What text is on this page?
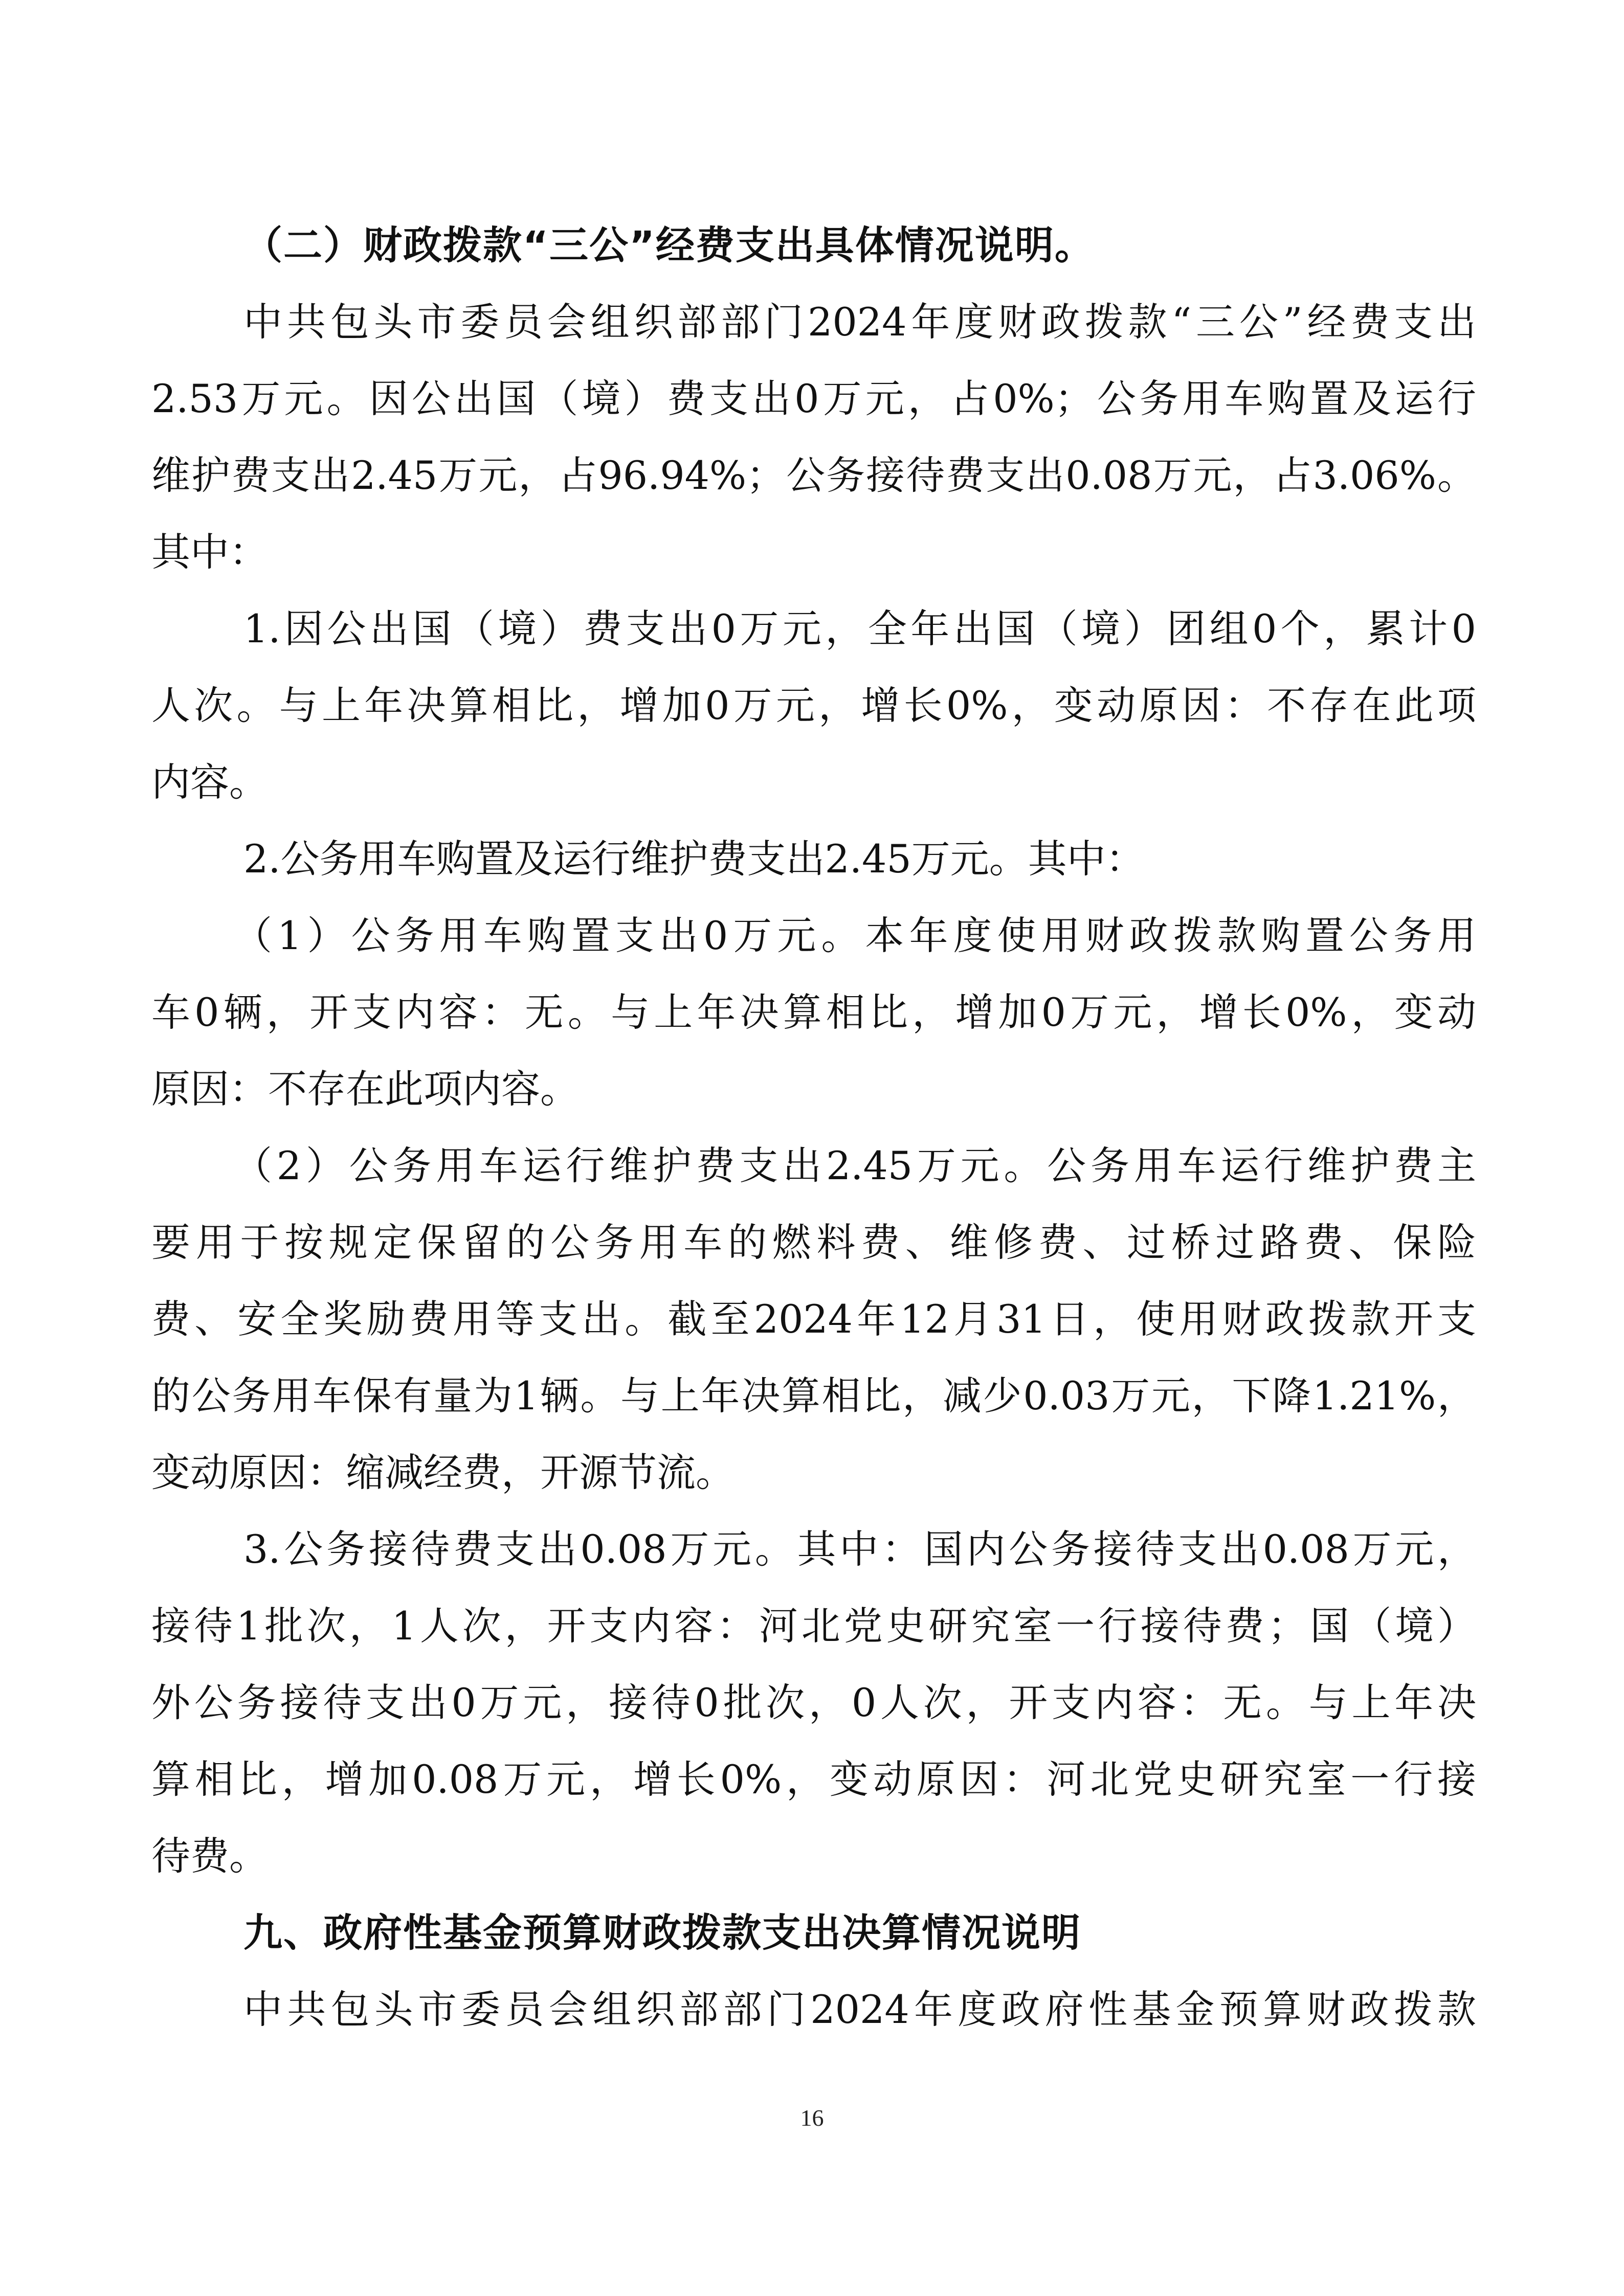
（二）财政拨款“三公”经费支出具体情况说明。
中共包头市委员会组织部部门2024年度财政拨款“三公”经费支出
2.53万元。因公出国（境）费支出0万元，占0%；公务用车购置及运行
维护费支出2.45万元，占96.94%；公务接待费支出0.08万元，占3.06%。
其中：
1.因公出国（境）费支出0万元，全年出国（境）团组0个，累计0
人次。与上年决算相比，增加0万元，增长0%，变动原因：不存在此项
内容。
2.公务用车购置及运行维护费支出2.45万元。其中：
（1）公务用车购置支出0万元。本年度使用财政拨款购置公务用
车0辆，开支内容：无。与上年决算相比，增加0万元，增长0%，变动
原因：不存在此项内容。
（2）公务用车运行维护费支出2.45万元。公务用车运行维护费主
要用于按规定保留的公务用车的燃料费、维修费、过桥过路费、保险
费、安全奖励费用等支出。截至2024年12月31日，使用财政拨款开支
的公务用车保有量为1辆。与上年决算相比，减少0.03万元，下降1.21%，
变动原因：缩减经费，开源节流。
3.公务接待费支出0.08万元。其中：国内公务接待支出0.08万元，
接待1批次，1人次，开支内容：河北党史研究室一行接待费；国（境）
外公务接待支出0万元，接待0批次，0人次，开支内容：无。与上年决
算相比，增加0.08万元，增长0%，变动原因：河北党史研究室一行接
待费。
九、政府性基金预算财政拨款支出决算情况说明
中共包头市委员会组织部部门2024年度政府性基金预算财政拨款
16
